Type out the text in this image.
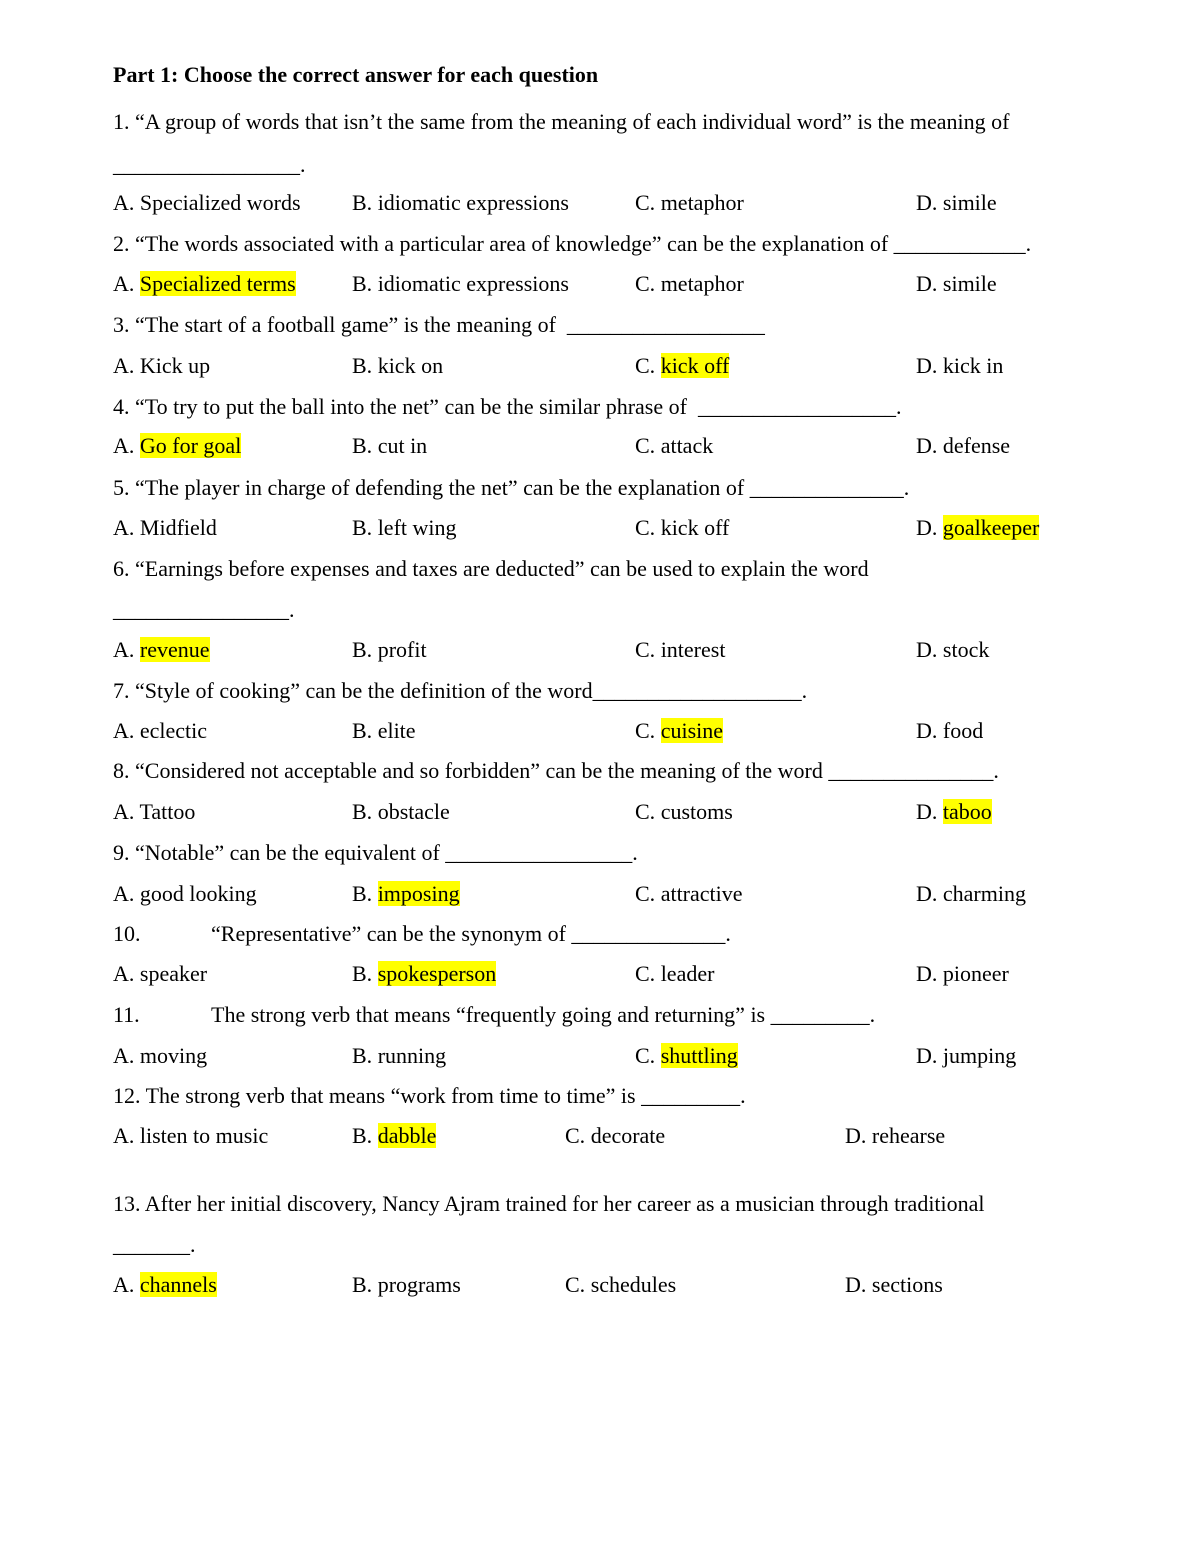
Part 1: Choose the correct answer for each question
1. “A group of words that isn’t the same from the meaning of each individual word” is the meaning of
_________________.
A. Specialized words B. idiomatic expressions	C. metaphor	D. simile
2. “The words associated with a particular area of knowledge” can be the explanation of ____________.
A. Specialized terms	B. idiomatic expressions	C. metaphor	D. simile
3. “The start of a football game” is the meaning of  __________________
A. Kick up	B. kick on	C. kick off	D. kick in
4. “To try to put the ball into the net” can be the similar phrase of  __________________.
A. Go for goal	B. cut in	C. attack	D. defense
5. “The player in charge of defending the net” can be the explanation of ______________.
A. Midfield	B. left wing	C. kick off	D. goalkeeper
6. “Earnings before expenses and taxes are deducted” can be used to explain the word
________________.
A. revenue	B. profit	C. interest	D. stock
7. “Style of cooking” can be the definition of the word___________________.
A. eclectic	B. elite	C. cuisine	D. food
8. “Considered not acceptable and so forbidden” can be the meaning of the word _______________.
A. Tattoo	B. obstacle	C. customs	D. taboo
9. “Notable” can be the equivalent of _________________.
A. good looking	B. imposing	C. attractive	D. charming
10.	“Representative” can be the synonym of ______________.
A. speaker	B. spokesperson	C. leader	D. pioneer
11.	The strong verb that means “frequently going and returning” is _________.
A. moving	B. running	C. shuttling	D. jumping
12. The strong verb that means “work from time to time” is _________.
A. listen to music	B. dabble	C. decorate	D. rehearse
13. After her initial discovery, Nancy Ajram trained for her career as a musician through traditional
_______.
A. channels	B. programs	C. schedules	D. sections
